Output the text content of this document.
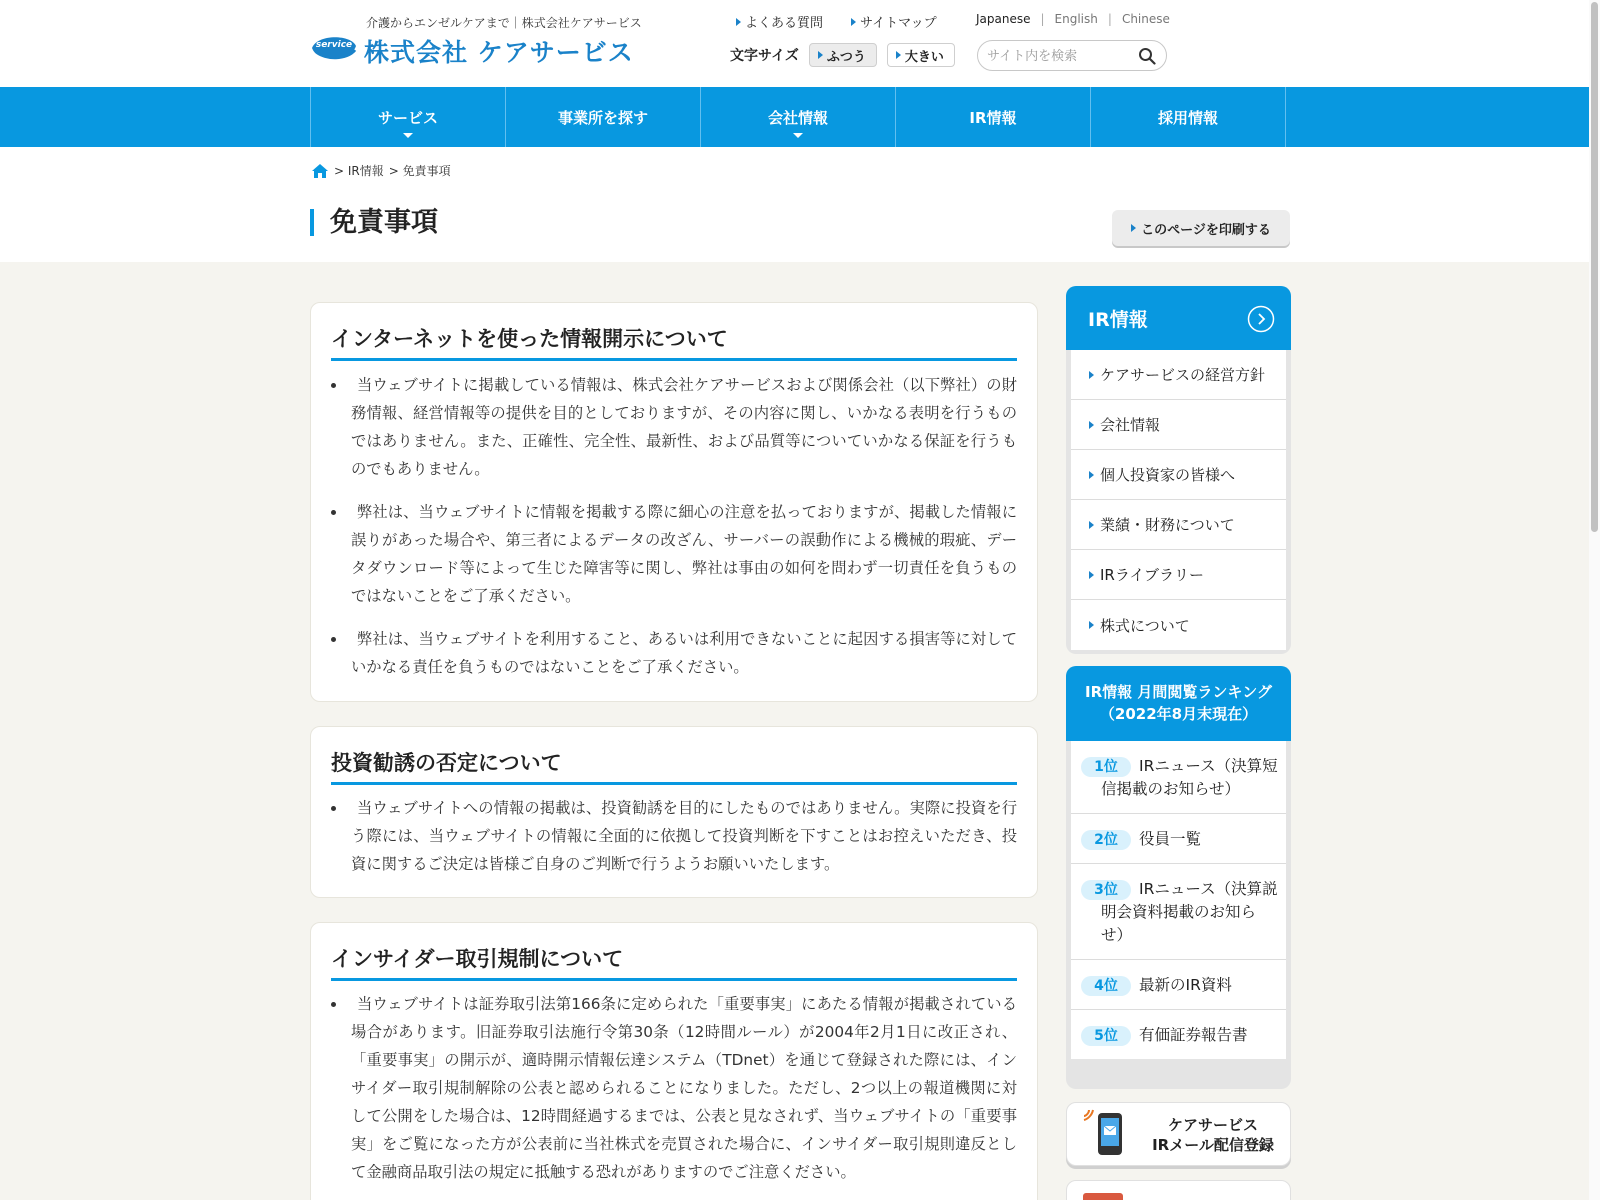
介護からエンゼルケアまで｜株式会社ケアサービス
service 株式会社 ケアサービス
よくある質問	サイトマップ	Japanese | English | Chinese
文字サイズ ふつう	大きい
サイト内を検索
サービス	事業所を探す	会社情報	IR情報	採用情報
> IR情報 > 免責事項
免責事項	このページを印刷する
インターネットを使った情報開示について
• 当ウェブサイトに掲載している情報は、株式会社ケアサービスおよび関係会社（以下弊社）の財務情報、経営情報等の提供を目的としておりますが、その内容に関し、いかなる表明を行うものではありません。また、正確性、完全性、最新性、および品質等についていかなる保証を行うものでもありません。
• 弊社は、当ウェブサイトに情報を掲載する際に細心の注意を払っておりますが、掲載した情報に誤りがあった場合や、第三者によるデータの改ざん、サーバーの誤動作による機械的瑕疵、データダウンロード等によって生じた障害等に関し、弊社は事由の如何を問わず一切責任を負うものではないことをご了承ください。
• 弊社は、当ウェブサイトを利用すること、あるいは利用できないことに起因する損害等に対していかなる責任を負うものではないことをご了承ください。
投資勧誘の否定について
• 当ウェブサイトへの情報の掲載は、投資勧誘を目的にしたものではありません。実際に投資を行う際には、当ウェブサイトの情報に全面的に依拠して投資判断を下すことはお控えいただき、投資に関するご決定は皆様ご自身のご判断で行うようお願いいたします。
インサイダー取引規制について
• 当ウェブサイトは証券取引法第166条に定められた「重要事実」にあたる情報が掲載されている場合があります。旧証券取引法施行令第30条（12時間ルール）が2004年2月1日に改正され、「重要事実」の開示が、適時開示情報伝達システム（TDnet）を通じて登録された際には、インサイダー取引規制解除の公表と認められることになりました。ただし、2つ以上の報道機関に対して公開をした場合は、12時間経過するまでは、公表と見なされず、当ウェブサイトの「重要事実」をご覧になった方が公表前に当社株式を売買された場合に、インサイダー取引規則違反として金融商品取引法の規定に抵触する恐れがありますのでご注意ください。
IR情報
ケアサービスの経営方針
会社情報
個人投資家の皆様へ
業績・財務について
IRライブラリー
株式について
IR情報 月間閲覧ランキング
（2022年8月末現在）
1位	IRニュース（決算短信掲載のお知らせ）
2位	役員一覧
3位	IRニュース（決算説明会資料掲載のお知らせ）
4位	最新のIR資料
5位	有価証券報告書
ケアサービス
IRメール配信登録
